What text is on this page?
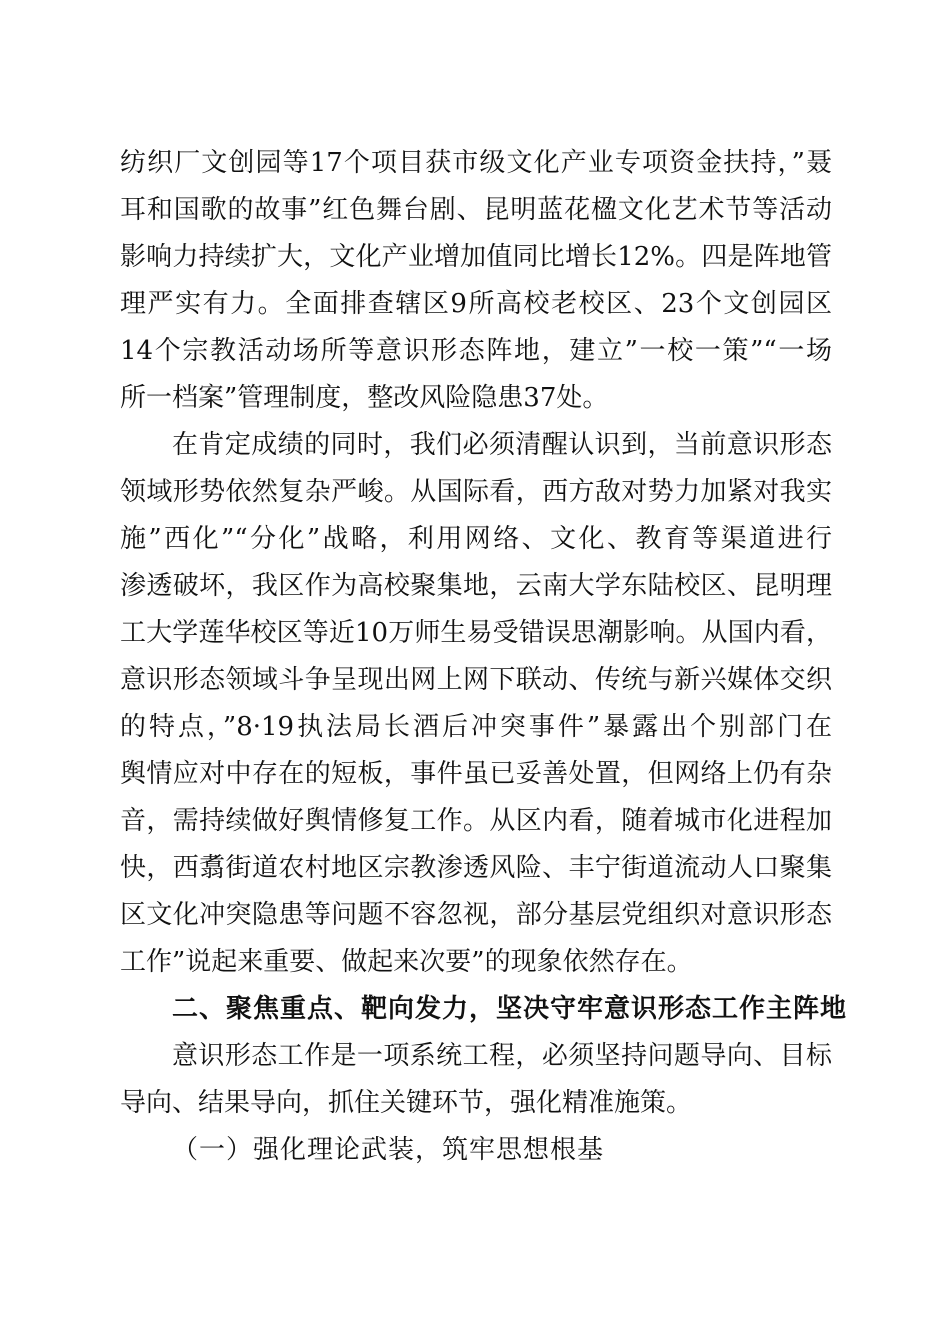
纺织厂文创园等17个项目获市级文化产业专项资金扶持，”聂
耳和国歌的故事”红色舞台剧、昆明蓝花楹文化艺术节等活动
影响力持续扩大，文化产业增加值同比增长12%。四是阵地管
理严实有力。全面排查辖区9所高校老校区、23个文创园区
14个宗教活动场所等意识形态阵地，建立”一校一策”“一场
所一档案”管理制度，整改风险隐患37处。
在肯定成绩的同时，我们必须清醒认识到，当前意识形态
领域形势依然复杂严峻。从国际看，西方敌对势力加紧对我实
施”西化”“分化”战略，利用网络、文化、教育等渠道进行
渗透破坏，我区作为高校聚集地，云南大学东陆校区、昆明理
工大学莲华校区等近10万师生易受错误思潮影响。从国内看，
意识形态领域斗争呈现出网上网下联动、传统与新兴媒体交织
的特点，”8·19执法局长酒后冲突事件”暴露出个别部门在
舆情应对中存在的短板，事件虽已妥善处置，但网络上仍有杂
音，需持续做好舆情修复工作。从区内看，随着城市化进程加
快，西翥街道农村地区宗教渗透风险、丰宁街道流动人口聚集
区文化冲突隐患等问题不容忽视，部分基层党组织对意识形态
工作”说起来重要、做起来次要”的现象依然存在。
二、聚焦重点、靶向发力，坚决守牢意识形态工作主阵地
意识形态工作是一项系统工程，必须坚持问题导向、目标
导向、结果导向，抓住关键环节，强化精准施策。
（一）强化理论武装，筑牢思想根基
